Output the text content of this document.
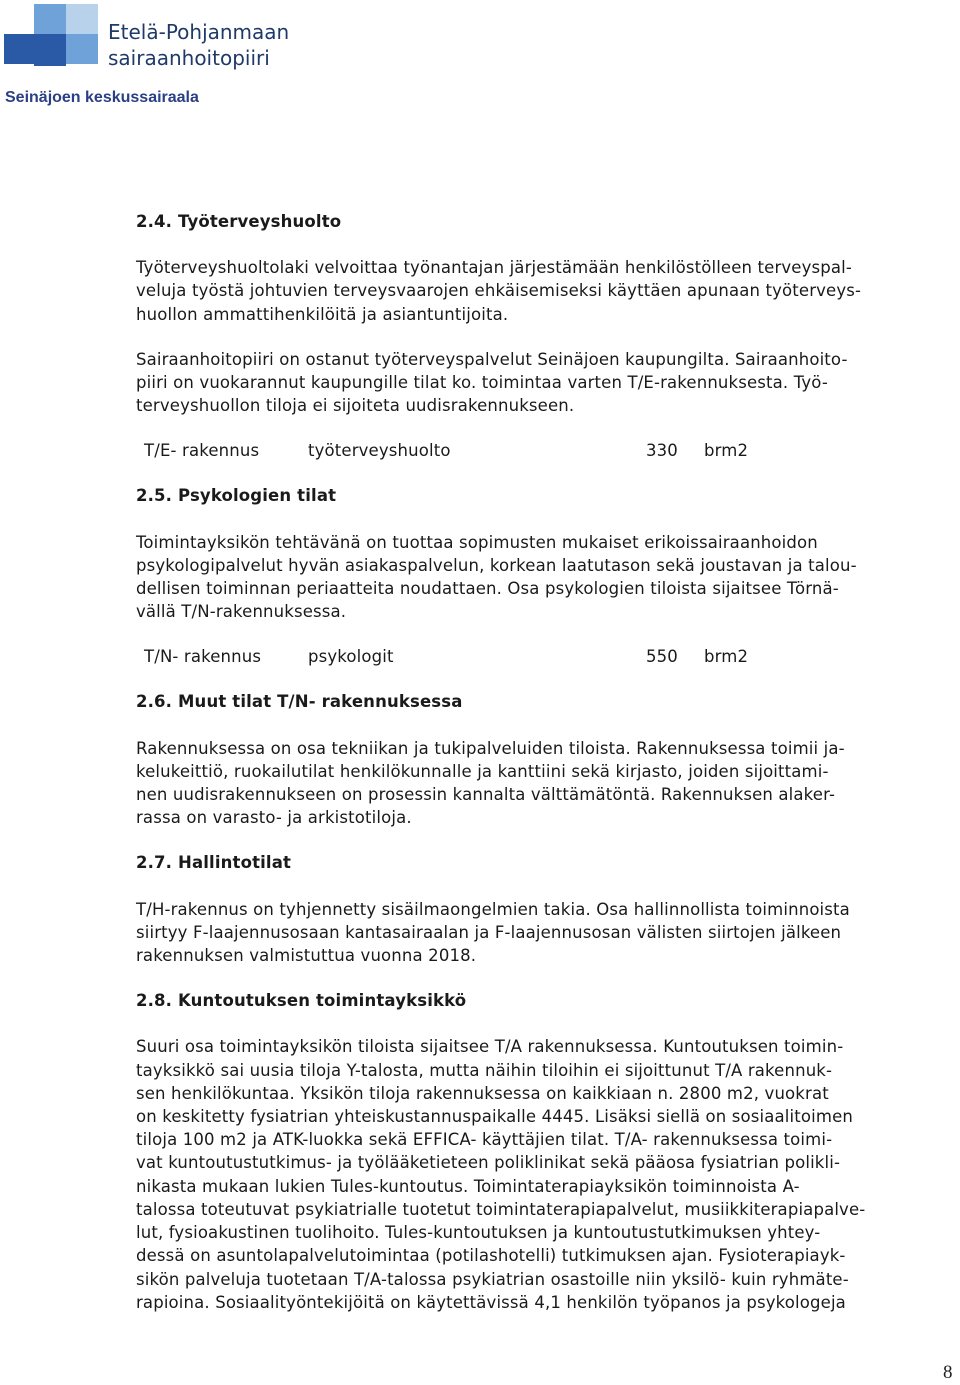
Etelä-Pohjanmaan
sairaanhoitopiiri
Seinäjoen keskussairaala

2.4. Työterveyshuolto

Työterveyshuoltolaki velvoittaa työnantajan järjestämään henkilöstölleen terveyspal-
veluja työstä johtuvien terveysvaarojen ehkäisemiseksi käyttäen apunaan työterveys-
huollon ammattihenkilöitä ja asiantuntijoita.

Sairaanhoitopiiri on ostanut työterveyspalvelut Seinäjoen kaupungilta. Sairaanhoito-
piiri on vuokarannut kaupungille tilat ko. toimintaa varten T/E-rakennuksesta. Työ-
terveyshuollon tiloja ei sijoiteta uudisrakennukseen.

T/E- rakennus	työterveyshuolto	330 brm2

2.5. Psykologien tilat

Toimintayksikön tehtävänä on tuottaa sopimusten mukaiset erikoissairaanhoidon
psykologipalvelut hyvän asiakaspalvelun, korkean laatutason sekä joustavan ja talou-
dellisen toiminnan periaatteita noudattaen. Osa psykologien tiloista sijaitsee Törnä-
vällä T/N-rakennuksessa.

T/N- rakennus	psykologit	550 brm2

2.6. Muut tilat T/N- rakennuksessa

Rakennuksessa on osa tekniikan ja tukipalveluiden tiloista. Rakennuksessa toimii ja-
kelukeittiö, ruokailutilat henkilökunnalle ja kanttiini sekä kirjasto, joiden sijoittami-
nen uudisrakennukseen on prosessin kannalta välttämätöntä. Rakennuksen alaker-
rassa on varasto- ja arkistotiloja.

2.7. Hallintotilat

T/H-rakennus on tyhjennetty sisäilmaongelmien takia. Osa hallinnollista toiminnoista
siirtyy F-laajennusosaan kantasairaalan ja F-laajennusosan välisten siirtojen jälkeen
rakennuksen valmistuttua vuonna 2018.

2.8. Kuntoutuksen toimintayksikkö

Suuri osa toimintayksikön tiloista sijaitsee T/A rakennuksessa. Kuntoutuksen toimin-
tayksikkö sai uusia tiloja Y-talosta, mutta näihin tiloihin ei sijoittunut T/A rakennuk-
sen henkilökuntaa. Yksikön tiloja rakennuksessa on kaikkiaan n. 2800 m2, vuokrat
on keskitetty fysiatrian yhteiskustannuspaikalle 4445. Lisäksi siellä on sosiaalitoimen
tiloja 100 m2 ja ATK-luokka sekä EFFICA- käyttäjien tilat. T/A- rakennuksessa toimi-
vat kuntoutustutkimus- ja työlääketieteen poliklinikat sekä pääosa fysiatrian polikli-
nikasta mukaan lukien Tules-kuntoutus. Toimintaterapiayksikön toiminnoista A-
talossa toteutuvat psykiatrialle tuotetut toimintaterapiapalvelut, musiikkiterapiapalve-
lut, fysioakustinen tuolihoito. Tules-kuntoutuksen ja kuntoutustutkimuksen yhtey-
dessä on asuntolapalvelutoimintaa (potilashotelli) tutkimuksen ajan. Fysioterapiayk-
sikön palveluja tuotetaan T/A-talossa psykiatrian osastoille niin yksilö- kuin ryhmäte-
rapioina. Sosiaalityöntekijöitä on käytettävissä 4,1 henkilön työpanos ja psykologeja

8
